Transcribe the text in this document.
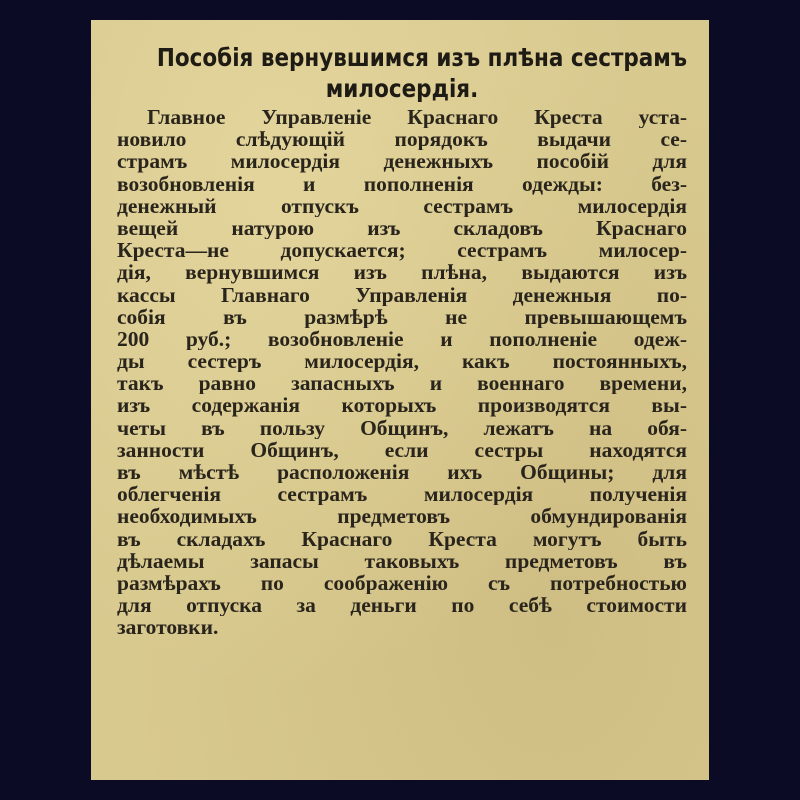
Пособія вернувшимся изъ плѣна сестрамъ
милосердія.
Главное Управленіе Краснаго Креста уста-
новило слѣдующій порядокъ выдачи се-
страмъ милосердія денежныхъ пособій для
возобновленія и пополненія одежды: без-
денежный отпускъ сестрамъ милосердія
вещей натурою изъ складовъ Краснаго
Креста—не допускается; сестрамъ милосер-
дія, вернувшимся изъ плѣна, выдаются изъ
кассы Главнаго Управленія денежныя по-
собія въ размѣрѣ не превышающемъ
200 руб.; возобновленіе и пополненіе одеж-
ды сестеръ милосердія, какъ постоянныхъ,
такъ равно запасныхъ и военнаго времени,
изъ содержанія которыхъ производятся вы-
четы въ пользу Общинъ, лежатъ на обя-
занности Общинъ, если сестры находятся
въ мѣстѣ расположенія ихъ Общины; для
облегченія сестрамъ милосердія полученія
необходимыхъ предметовъ обмундированія
въ складахъ Краснаго Креста могутъ быть
дѣлаемы запасы таковыхъ предметовъ въ
размѣрахъ по соображенію съ потребностью
для отпуска за деньги по себѣ стоимости
заготовки.
